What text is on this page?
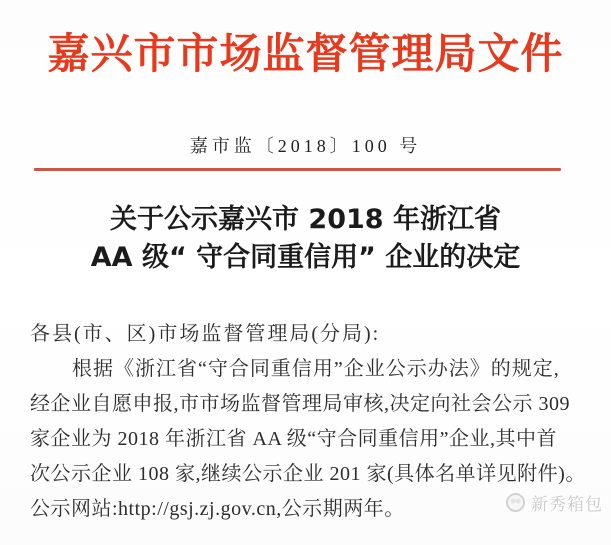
嘉兴市市场监督管理局文件
嘉市监〔2018〕100 号
关于公示嘉兴市 2018 年浙江省
AA 级“ 守合同重信用” 企业的决定
各县(市、区)市场监督管理局(分局):
根据《浙江省“守合同重信用”企业公示办法》的规定,
经企业自愿申报,市市场监督管理局审核,决定向社会公示 309
家企业为 2018 年浙江省 AA 级“守合同重信用”企业,其中首
次公示企业 108 家,继续公示企业 201 家(具体名单详见附件)。
公示网站:http://gsj.zj.gov.cn,公示期两年。	新秀箱包
